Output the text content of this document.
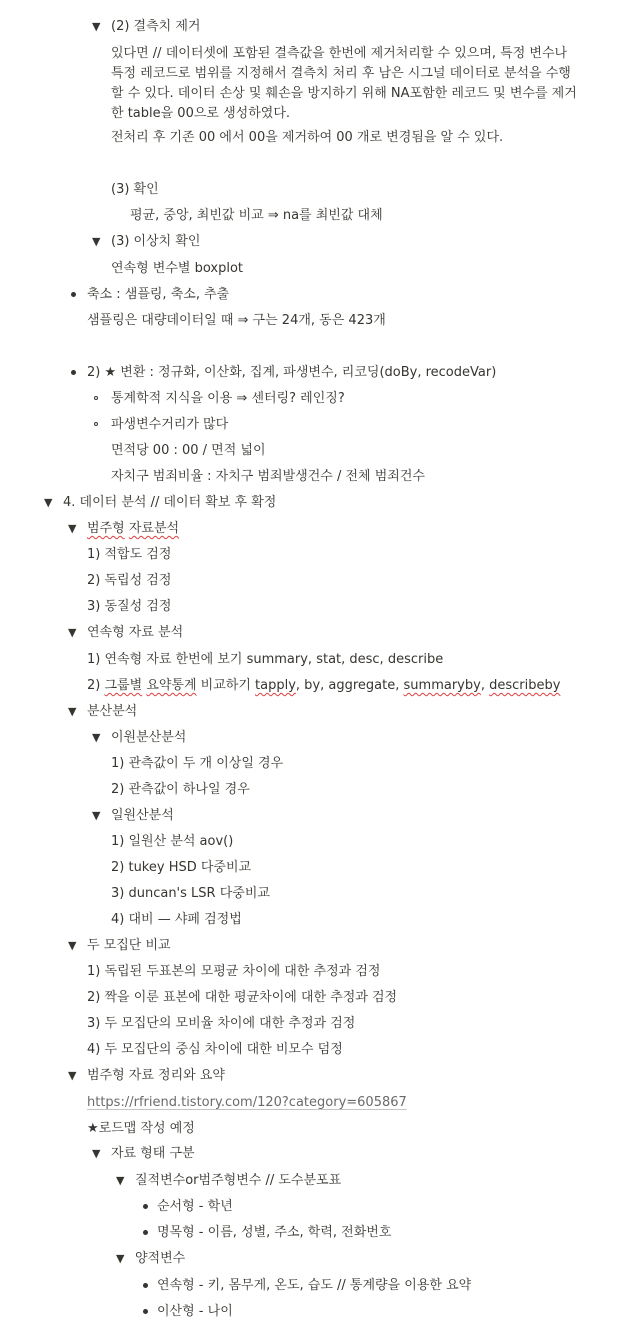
▼ (2) 결측치 제거
있다면 // 데이터셋에 포함된 결측값을 한번에 제거처리할 수 있으며, 특정 변수나 특정 레코드로 범위를 지정해서 결측치 처리 후 남은 시그널 데이터로 분석을 수행할 수 있다. 데이터 손상 및 훼손을 방지하기 위해 NA포함한 레코드 및 변수를 제거한 table을 00으로 생성하였다.
전처리 후 기존 00 에서 00을 제거하여 00 개로 변경됨을 알 수 있다.
(3) 확인
평균, 중앙, 최빈값 비교 ⇒ na를 최빈값 대체
▼ (3) 이상치 확인
연속형 변수별 boxplot
축소 : 샘플링, 축소, 추출
샘플링은 대량데이터일 때 ⇒ 구는 24개, 동은 423개
2) ★ 변환 : 정규화, 이산화, 집계, 파생변수, 리코딩(doBy, recodeVar)
통계학적 지식을 이용 ⇒ 센터링? 레인징?
파생변수거리가 많다
면적당 00 : 00 / 면적 넓이
자치구 범죄비율 : 자치구 범죄발생건수 / 전체 범죄건수
▼ 4. 데이터 분석 // 데이터 확보 후 확정
▼ 범주형 자료분석
1) 적합도 검정
2) 독립성 검정
3) 동질성 검정
▼ 연속형 자료 분석
1) 연속형 자료 한번에 보기 summary, stat, desc, describe
2) 그룹별 요약통계 비교하기 tapply, by, aggregate, summaryby, describeby
▼ 분산분석
▼ 이원분산분석
1) 관측값이 두 개 이상일 경우
2) 관측값이 하나일 경우
▼ 일원산분석
1) 일원산 분석 aov()
2) tukey HSD 다중비교
3) duncan's LSR 다중비교
4) 대비 — 샤페 검정법
▼ 두 모집단 비교
1) 독립된 두표본의 모평균 차이에 대한 추정과 검정
2) 짝을 이룬 표본에 대한 평균차이에 대한 추정과 검정
3) 두 모집단의 모비율 차이에 대한 추정과 검정
4) 두 모집단의 중심 차이에 대한 비모수 덤정
▼ 범주형 자료 정리와 요약
https://rfriend.tistory.com/120?category=605867
★로드맵 작성 예정
▼ 자료 형태 구분
▼ 질적변수or범주형변수 // 도수분포표
순서형 - 학년
명목형 - 이름, 성별, 주소, 학력, 전화번호
▼ 양적변수
연속형 - 키, 몸무게, 온도, 습도 // 통계량을 이용한 요약
이산형 - 나이
